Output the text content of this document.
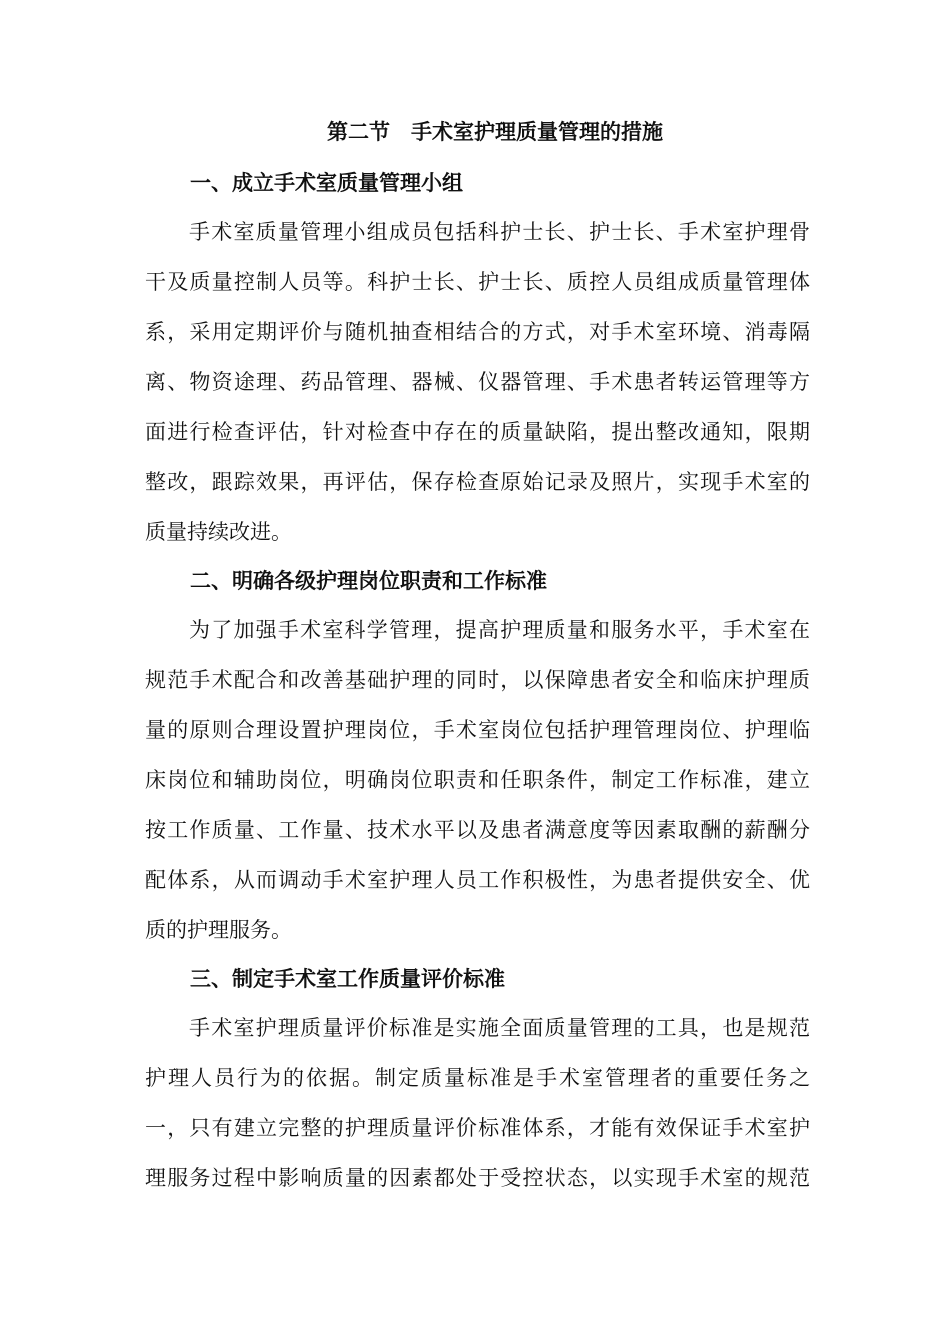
第二节　手术室护理质量管理的措施
一、成立手术室质量管理小组
手术室质量管理小组成员包括科护士长、护士长、手术室护理骨
干及质量控制人员等。科护士长、护士长、质控人员组成质量管理体
系，采用定期评价与随机抽查相结合的方式，对手术室环境、消毒隔
离、物资途理、药品管理、器械、仪器管理、手术患者转运管理等方
面进行检查评估，针对检查中存在的质量缺陷，提出整改通知，限期
整改，跟踪效果，再评估，保存检查原始记录及照片，实现手术室的
质量持续改进。
二、明确各级护理岗位职责和工作标准
为了加强手术室科学管理，提高护理质量和服务水平，手术室在
规范手术配合和改善基础护理的同时，以保障患者安全和临床护理质
量的原则合理设置护理岗位，手术室岗位包括护理管理岗位、护理临
床岗位和辅助岗位，明确岗位职责和任职条件，制定工作标准，建立
按工作质量、工作量、技术水平以及患者满意度等因素取酬的薪酬分
配体系，从而调动手术室护理人员工作积极性，为患者提供安全、优
质的护理服务。
三、制定手术室工作质量评价标准
手术室护理质量评价标准是实施全面质量管理的工具，也是规范
护理人员行为的依据。制定质量标准是手术室管理者的重要任务之
一，只有建立完整的护理质量评价标准体系，才能有效保证手术室护
理服务过程中影响质量的因素都处于受控状态，以实现手术室的规范
